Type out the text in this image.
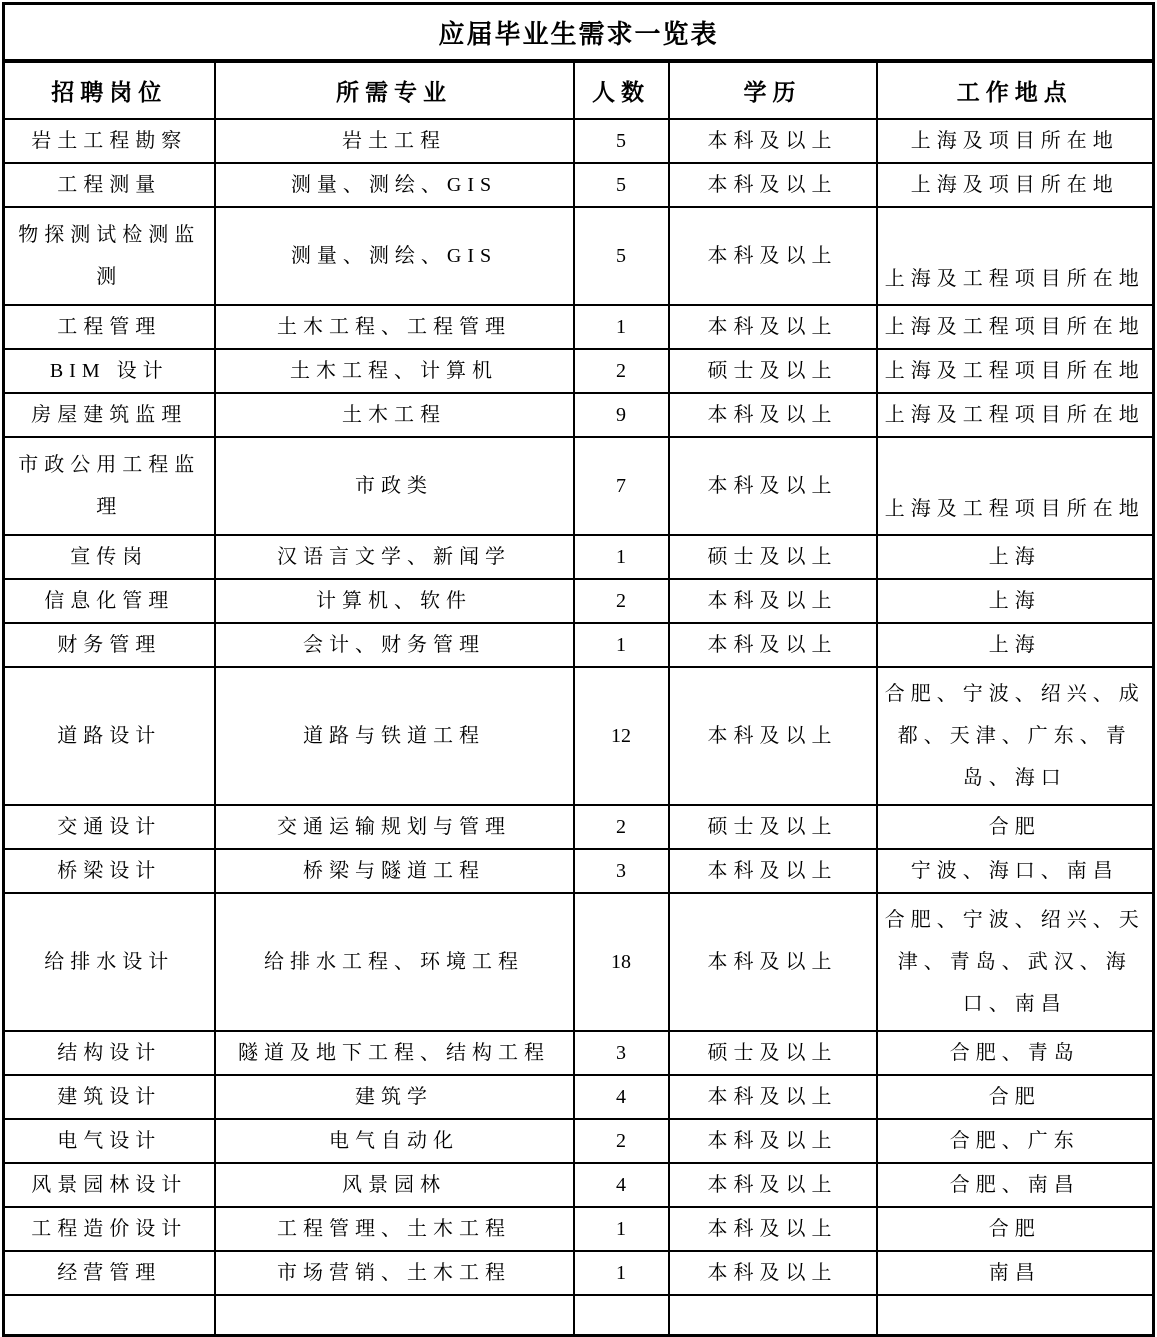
应届毕业生需求一览表				
招聘岗位	所需专业	人数	学历	工作地点
岩土工程勘察	岩土工程	5	本科及以上	上海及项目所在地
工程测量	测量、测绘、GIS	5	本科及以上	上海及项目所在地
物探测试检测监测	测量、测绘、GIS	5	本科及以上	上海及工程项目所在地
工程管理	土木工程、工程管理	1	本科及以上	上海及工程项目所在地
BIM 设计	土木工程、计算机	2	硕士及以上	上海及工程项目所在地
房屋建筑监理	土木工程	9	本科及以上	上海及工程项目所在地
市政公用工程监理	市政类	7	本科及以上	上海及工程项目所在地
宣传岗	汉语言文学、新闻学	1	硕士及以上	上海
信息化管理	计算机、软件	2	本科及以上	上海
财务管理	会计、财务管理	1	本科及以上	上海
道路设计	道路与铁道工程	12	本科及以上	合肥、宁波、绍兴、成都、天津、广东、青岛、海口
交通设计	交通运输规划与管理	2	硕士及以上	合肥
桥梁设计	桥梁与隧道工程	3	本科及以上	宁波、海口、南昌
给排水设计	给排水工程、环境工程	18	本科及以上	合肥、宁波、绍兴、天津、青岛、武汉、海口、南昌
结构设计	隧道及地下工程、结构工程	3	硕士及以上	合肥、青岛
建筑设计	建筑学	4	本科及以上	合肥
电气设计	电气自动化	2	本科及以上	合肥、广东
风景园林设计	风景园林	4	本科及以上	合肥、南昌
工程造价设计	工程管理、土木工程	1	本科及以上	合肥
经营管理	市场营销、土木工程	1	本科及以上	南昌
